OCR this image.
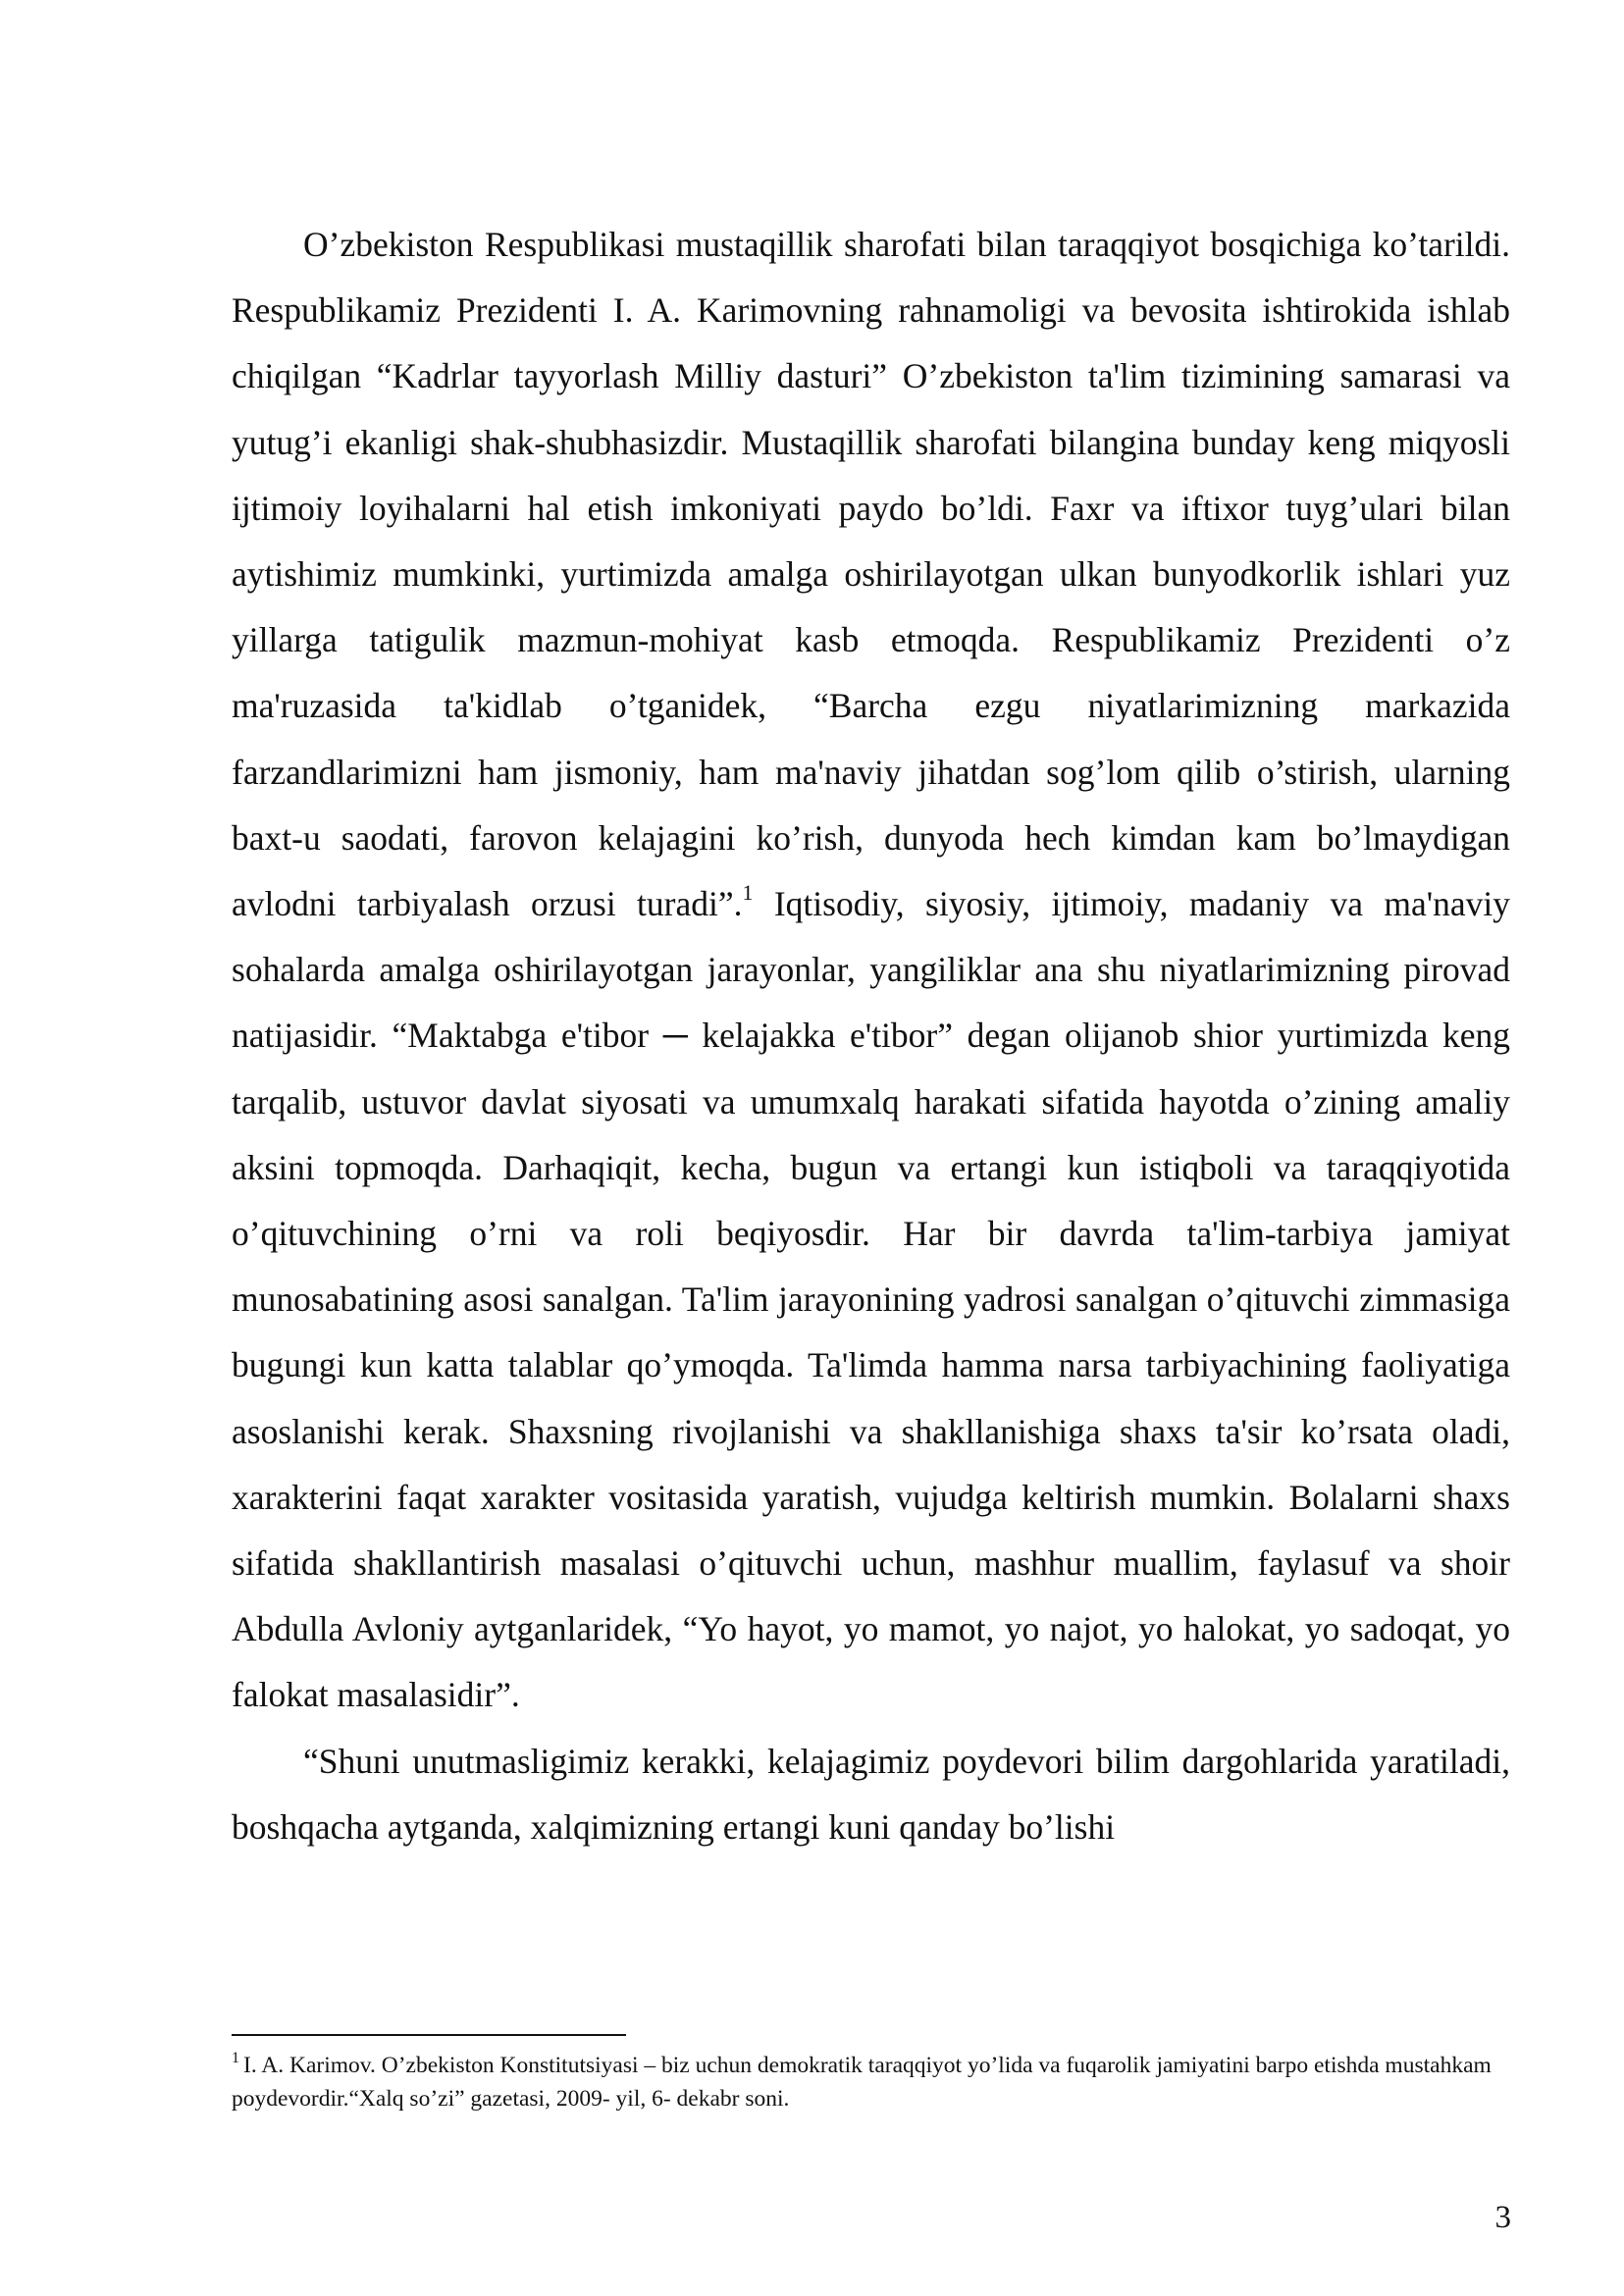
O’zbekiston Respublikasi mustaqillik sharofati bilan taraqqiyot bosqichiga ko’tarildi. Respublikamiz Prezidenti I. A. Karimovning rahnamoligi va bevosita ishtirokida ishlab chiqilgan “Kadrlar tayyorlash Milliy dasturi” O’zbekiston ta'lim tizimining samarasi va yutug’i ekanligi shak-shubhasizdir. Mustaqillik sharofati bilangina bunday keng miqyosli ijtimoiy loyihalarni hal etish imkoniyati paydo bo’ldi. Faxr va iftixor tuyg’ulari bilan aytishimiz mumkinki, yurtimizda amalga oshirilayotgan ulkan bunyodkorlik ishlari yuz yillarga tatigulik mazmun-mohiyat kasb etmoqda. Respublikamiz Prezidenti o’z ma'ruzasida ta'kidlab o’tganidek, “Barcha ezgu niyatlarimizning markazida farzandlarimizni ham jismoniy, ham ma'naviy jihatdan sog’lom qilib o’stirish, ularning baxt-u saodati, farovon kelajagini ko’rish, dunyoda hech kimdan kam bo’lmaydigan avlodni tarbiyalash orzusi turadi”.$^1$ Iqtisodiy, siyosiy, ijtimoiy, madaniy va ma'naviy sohalarda amalga oshirilayotgan jarayonlar, yangiliklar ana shu niyatlarimizning pirovad natijasidir. “Maktabga e'tibor ─ kelajakka e'tibor” degan olijanob shior yurtimizda keng tarqalib, ustuvor davlat siyosati va umumxalq harakati sifatida hayotda o’zining amaliy aksini topmoqda. Darhaqiqit, kecha, bugun va ertangi kun istiqboli va taraqqiyotida o’qituvchining o’rni va roli beqiyosdir. Har bir davrda ta'lim-tarbiya jamiyat munosabatining asosi sanalgan. Ta'lim jarayonining yadrosi sanalgan o’qituvchi zimmasiga bugungi kun katta talablar qo’ymoqda. Ta'limda hamma narsa tarbiyachining faoliyatiga asoslanishi kerak. Shaxsning rivojlanishi va shakllanishiga shaxs ta'sir ko’rsata oladi, xarakterini faqat xarakter vositasida yaratish, vujudga keltirish mumkin. Bolalarni shaxs sifatida shakllantirish masalasi o’qituvchi uchun, mashhur muallim, faylasuf va shoir Abdulla Avloniy aytganlaridek, “Yo hayot, yo mamot, yo najot, yo halokat, yo sadoqat, yo falokat masalasidir”.

“Shuni unutmasligimiz kerakki, kelajagimiz poydevori bilim dargohlarida yaratiladi, boshqacha aytganda, xalqimizning ertangi kuni qanday bo’lishi

$^1$ I. A. Karimov. O’zbekiston Konstitutsiyasi – biz uchun demokratik taraqqiyot yo’lida va fuqarolik jamiyatini barpo etishda mustahkam poydevordir.“Xalq so’zi” gazetasi, 2009- yil, 6- dekabr soni.

3
